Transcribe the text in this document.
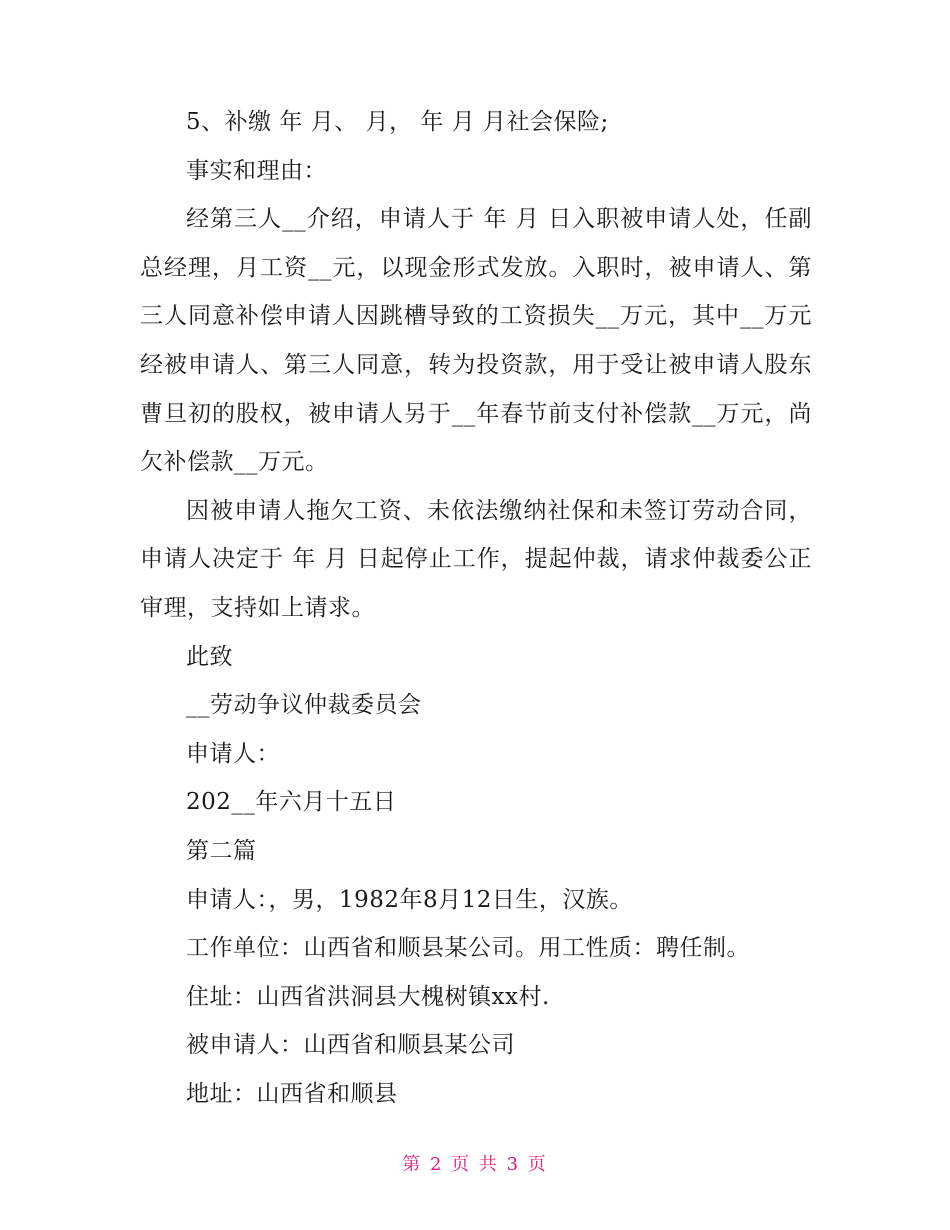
5、补缴 年 月、 月， 年 月 月社会保险;

事实和理由：

经第三人__介绍，申请人于 年 月 日入职被申请人处，任副总经理，月工资__元，以现金形式发放。入职时，被申请人、第三人同意补偿申请人因跳槽导致的工资损失__万元，其中__万元经被申请人、第三人同意，转为投资款，用于受让被申请人股东曹旦初的股权，被申请人另于__年春节前支付补偿款__万元，尚欠补偿款__万元。

因被申请人拖欠工资、未依法缴纳社保和未签订劳动合同，申请人决定于 年 月 日起停止工作，提起仲裁，请求仲裁委公正审理，支持如上请求。

此致

__劳动争议仲裁委员会

申请人：

202__年六月十五日

第二篇

申请人：，男，1982年8月12日生，汉族。

工作单位：山西省和顺县某公司。用工性质：聘任制。

住址：山西省洪洞县大槐树镇xx村.

被申请人：山西省和顺县某公司

地址：山西省和顺县

第 2 页 共 3 页
